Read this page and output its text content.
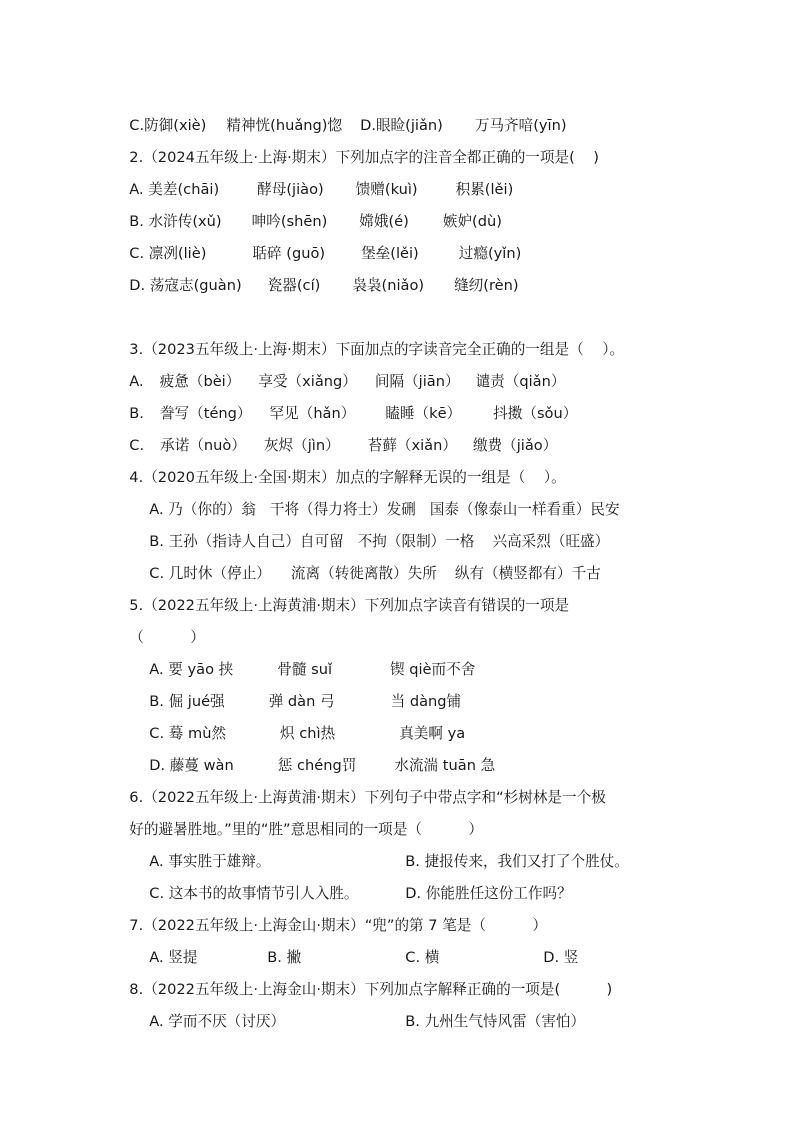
C.防御(xiè) 精神恍(huǎng)惚 D.眼睑(jiǎn) 万马齐喑(yīn)

2.（2024五年级上·上海·期末）下列加点字的注音全都正确的一项是(    )

A. 美差(chāi)	酵母(jiào) 馈赠(kuì)	积累(lěi)

B. 水浒传(xǔ) 呻吟(shēn) 嫦娥(é) 嫉妒(dù)

C. 凛冽(liè)	聒碎 (guō) 堡垒(lěi)	过瘾(yǐn)

D. 荡寇志(guàn) 瓷器(cí) 袅袅(niǎo) 缝纫(rèn)

3.（2023五年级上·上海·期末）下面加点的字读音完全正确的一组是（    ）。

A. 疲惫（bèi） 享受（xiǎng） 间隔（jiān） 谴责（qiǎn）

B. 誊写（téng） 罕见（hǎn） 瞌睡（kē） 抖擞（sǒu）

C. 承诺（nuò） 灰烬（jìn） 苔藓（xiǎn） 缴费（jiǎo）

4.（2020五年级上·全国·期末）加点的字解释无误的一组是（    ）。

A. 乃（你的）翁 干将（得力将士）发硎 国泰（像泰山一样看重）民安

B. 王孙（指诗人自己）自可留 不拘（限制）一格 兴高采烈（旺盛）

C. 几时休（停止） 流离（转徙离散）失所 纵有（横竖都有）千古

5.（2022五年级上·上海黄浦·期末）下列加点字读音有错误的一项是

（          ）

A. 要 yāo 挟	骨髓 suǐ	锲 qiè而不舍

B. 倔 jué强	弹 dàn 弓	当 dàng铺

C. 蓦 mù然	炽 chì热	真美啊 ya

D. 藤蔓 wàn	惩 chéng罚	水流湍 tuān 急

6.（2022五年级上·上海黄浦·期末）下列句子中带点字和“杉树林是一个极

好的避暑胜地。”里的“胜”意思相同的一项是（          ）

A. 事实胜于雄辩。	B. 捷报传来，我们又打了个胜仗。

C. 这本书的故事情节引人入胜。	D. 你能胜任这份工作吗？

7.（2022五年级上·上海金山·期末）“兜”的第 7 笔是（          ）

A. 竖提	B. 撇	C. 横	D. 竖

8.（2022五年级上·上海金山·期末）下列加点字解释正确的一项是(          )

A. 学而不厌（讨厌）	B. 九州生气恃风雷（害怕）
